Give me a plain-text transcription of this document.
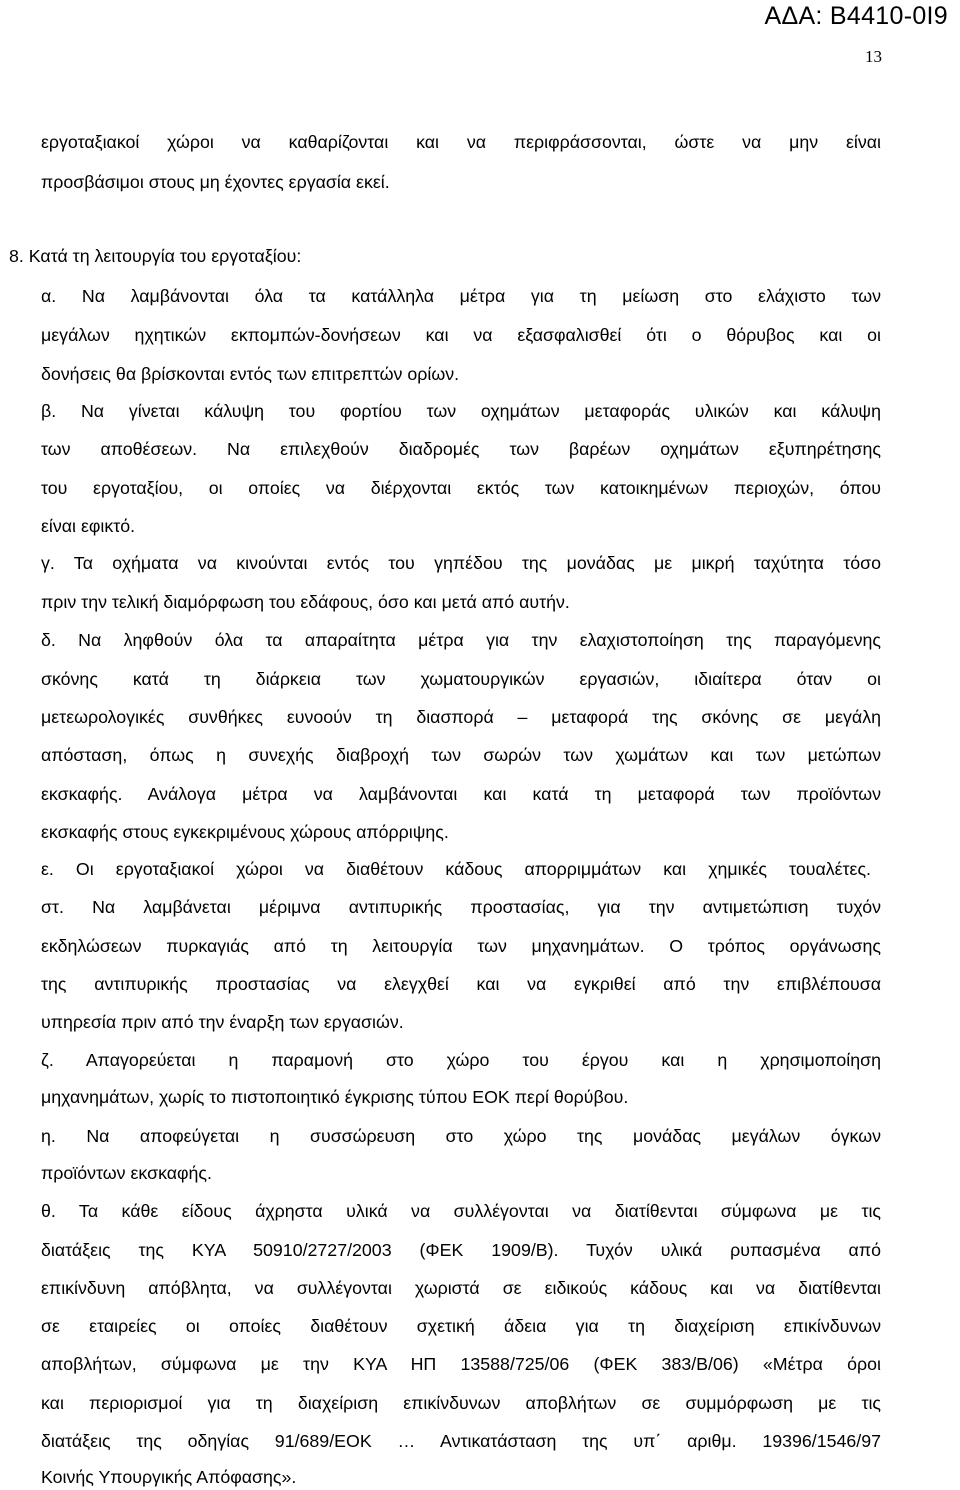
ΑΔΑ: Β4410-0Ι9
13
εργοταξιακοί χώροι να καθαρίζονται και να περιφράσσονται, ώστε να μην είναι
προσβάσιμοι στους μη έχοντες εργασία εκεί.
8. Κατά τη λειτουργία του εργοταξίου:
α. Να λαμβάνονται όλα τα κατάλληλα μέτρα για τη μείωση στο ελάχιστο των
μεγάλων ηχητικών εκπομπών-δονήσεων και να εξασφαλισθεί ότι ο θόρυβος και οι
δονήσεις θα βρίσκονται εντός των επιτρεπτών ορίων.
β. Να γίνεται κάλυψη του φορτίου των οχημάτων μεταφοράς υλικών και κάλυψη
των αποθέσεων. Να επιλεχθούν διαδρομές των βαρέων οχημάτων εξυπηρέτησης
του εργοταξίου, οι οποίες να διέρχονται εκτός των κατοικημένων περιοχών, όπου
είναι εφικτό.
γ. Τα οχήματα να κινούνται εντός του γηπέδου της μονάδας με μικρή ταχύτητα τόσο
πριν την τελική διαμόρφωση του εδάφους, όσο και μετά από αυτήν.
δ. Να ληφθούν όλα τα απαραίτητα μέτρα για την ελαχιστοποίηση της παραγόμενης
σκόνης κατά τη διάρκεια των χωματουργικών εργασιών, ιδιαίτερα όταν οι
μετεωρολογικές συνθήκες ευνοούν τη διασπορά – μεταφορά της σκόνης σε μεγάλη
απόσταση, όπως η συνεχής διαβροχή των σωρών των χωμάτων και των μετώπων
εκσκαφής. Ανάλογα μέτρα να λαμβάνονται και κατά τη μεταφορά των προϊόντων
εκσκαφής στους εγκεκριμένους χώρους απόρριψης.
ε. Οι εργοταξιακοί χώροι να διαθέτουν κάδους απορριμμάτων και χημικές τουαλέτες.
στ. Να λαμβάνεται μέριμνα αντιπυρικής προστασίας, για την αντιμετώπιση τυχόν
εκδηλώσεων πυρκαγιάς από τη λειτουργία των μηχανημάτων. Ο τρόπος οργάνωσης
της αντιπυρικής προστασίας να ελεγχθεί και να εγκριθεί από την επιβλέπουσα
υπηρεσία πριν από την έναρξη των εργασιών.
ζ. Απαγορεύεται η παραμονή στο χώρο του έργου και η χρησιμοποίηση
μηχανημάτων, χωρίς το πιστοποιητικό έγκρισης τύπου ΕΟΚ περί θορύβου.
η. Να αποφεύγεται η συσσώρευση στο χώρο της μονάδας μεγάλων όγκων
προϊόντων εκσκαφής.
θ. Τα κάθε είδους άχρηστα υλικά να συλλέγονται να διατίθενται σύμφωνα με τις
διατάξεις της ΚΥΑ 50910/2727/2003 (ΦΕΚ 1909/Β). Τυχόν υλικά ρυπασμένα από
επικίνδυνη απόβλητα, να συλλέγονται χωριστά σε ειδικούς κάδους και να διατίθενται
σε εταιρείες οι οποίες διαθέτουν σχετική άδεια για τη διαχείριση επικίνδυνων
αποβλήτων, σύμφωνα με την ΚΥΑ ΗΠ 13588/725/06 (ΦΕΚ 383/Β/06) «Μέτρα όροι
και περιορισμοί για τη διαχείριση επικίνδυνων αποβλήτων σε συμμόρφωση με τις
διατάξεις της οδηγίας 91/689/ΕΟΚ … Αντικατάσταση της υπ΄ αριθμ. 19396/1546/97
Κοινής Υπουργικής Απόφασης».
